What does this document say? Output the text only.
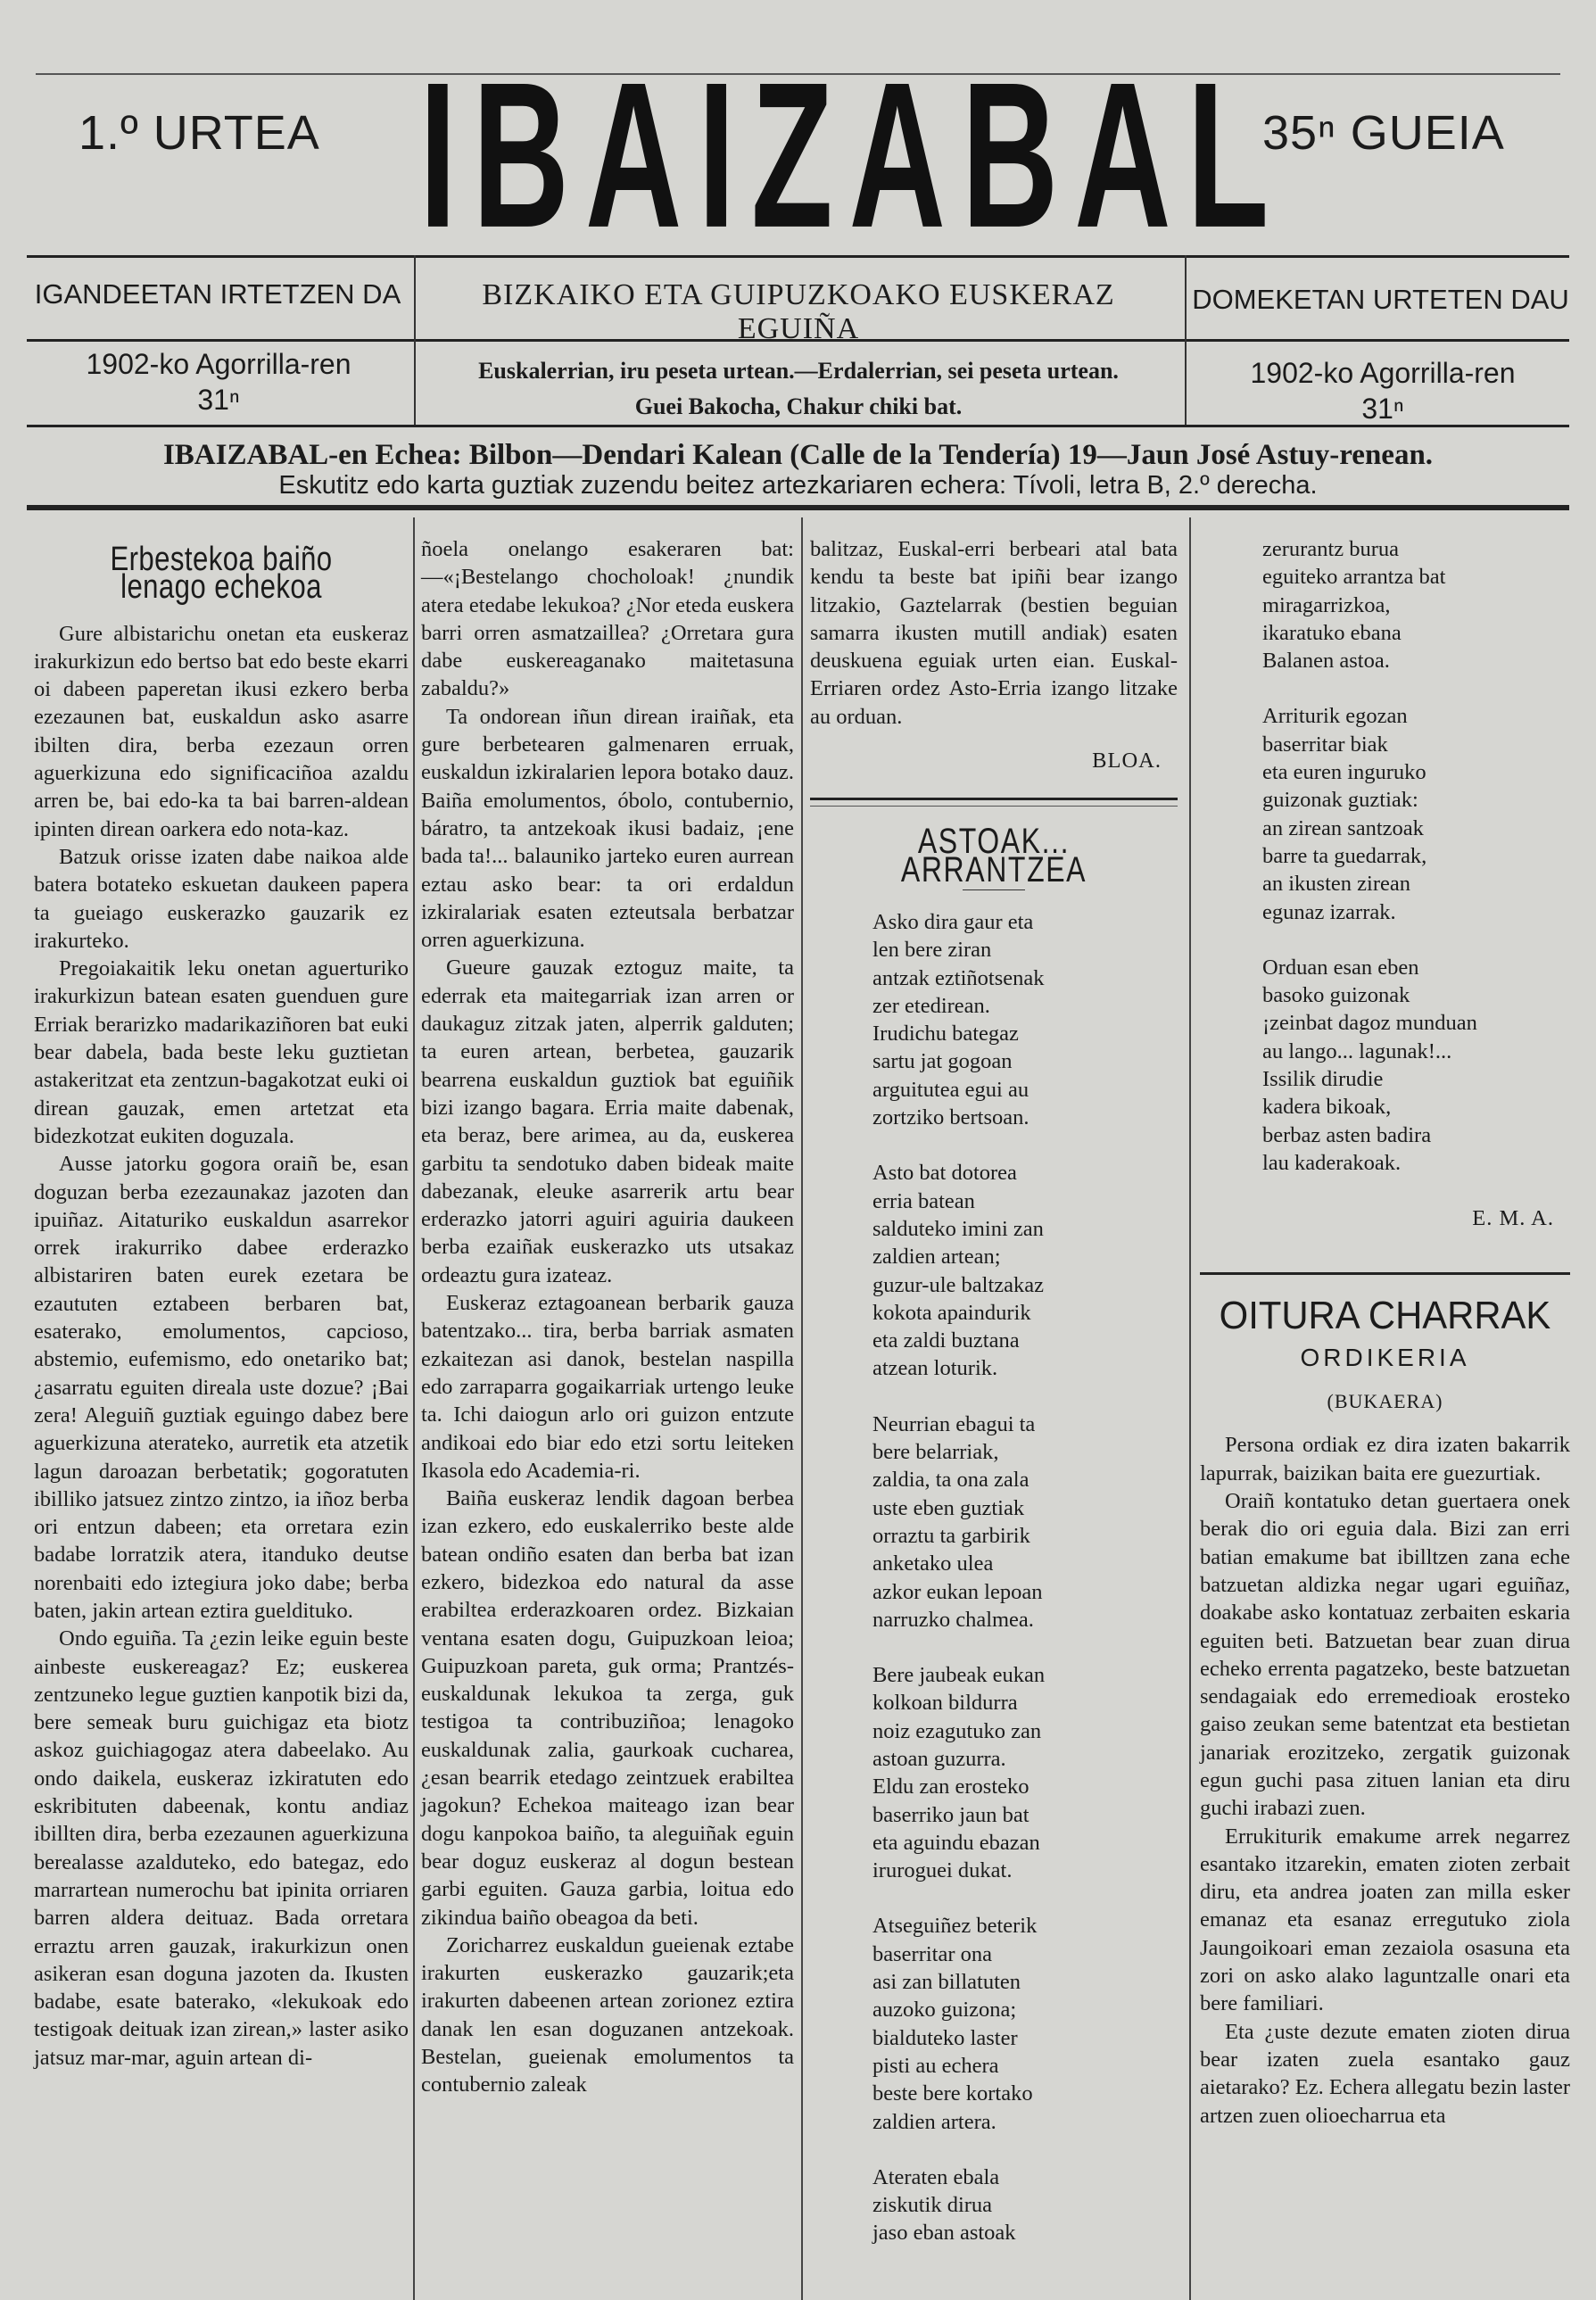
1.º URTEA IBAIZABAL
35ⁿ GUEIA
IGANDEETAN IRTETZEN DA	BIZKAIKO ETA GUIPUZKOAKO EUSKERAZ EGUIÑA
DOMEKETAN URTETEN DAU
1902-ko Agorrilla-ren
31ⁿ
Euskalerrian, iru peseta urtean.—Erdalerrian, sei peseta urtean.
Guei Bakocha, Chakur chiki bat.
1902-ko Agorrilla-ren
31ⁿ
IBAIZABAL-en Echea: Bilbon—Dendari Kalean (Calle de la Tendería) 19—Jaun José Astuy-renean.
Eskutitz edo karta guztiak zuzendu beitez artezkariaren echera: Tívoli, letra B, 2.º derecha.
Erbestekoa baiño lenago echekoa

Gure albistarichu onetan eta euskeraz irakurkizun edo bertso bat edo beste ekarri oi dabeen paperetan ikusi ezkero berba ezezaunen bat, euskaldun asko asarre ibilten dira, berba ezezaun orren aguerkizuna edo significaciñoa azaldu arren be, bai edo-ka ta bai barren-aldean ipinten direan oarkera edo nota-kaz.

Batzuk orisse izaten dabe naikoa alde batera botateko eskuetan daukeen papera ta gueiago euskerazko gauzarik ez irakurteko.

Pregoiakaitik leku onetan aguerturiko irakurkizun batean esaten guenduen gure Erriak berarizko madarikaziñoren bat euki bear dabela, bada beste leku guztietan astakeritzat eta zentzun-bagakotzat euki oi direan gauzak, emen artetzat eta bidezkotzat eukiten doguzala.

Ausse jatorku gogora oraiñ be, esan doguzan berba ezezaunakaz jazoten dan ipuiñaz. Aitaturiko euskaldun asarrekor orrek irakurriko dabee erderazko albistariren baten eurek ezetara be ezaututen eztabeen berbaren bat, esaterako, emolumentos, capcioso, abstemio, eufemismo, edo onetariko bat; ¿asarratu eguiten direala uste dozue? ¡Bai zera! Aleguiñ guztiak eguingo dabez bere aguerkizuna aterateko, aurretik eta atzetik lagun daroazan berbetatik; gogoratuten ibilliko jatsuez zintzo zintzo, ia iñoz berba ori entzun dabeen; eta orretara ezin badabe lorratzik atera, itanduko deutse norenbaiti edo iztegiura joko dabe; berba baten, jakin artean eztira guelditukо.

Ondo eguiña. Ta ¿ezin leike eguin beste ainbeste euskereagaz? Ez; euskerea zentzuneko legue guztien kanpotik bizi da, bere semeak buru guichigaz eta biotz askoz guichiagogaz atera dabeelako. Au ondo daikela, euskeraz izkiratuten edo eskribituten dabeenak, kontu andiaz ibillten dira, berba ezezaunen aguerkizuna berealasse azalduteko, edo bategaz, edo marrartean numerochu bat ipinita orriaren barren aldera deituaz. Bada orretara erraztu arren gauzak, irakurkizun onen asikeran esan doguna jazoten da. Ikusten badabe, esate baterako, «lekukoak edo testigoak deituak izan zirean,» laster asiko jatsuz mar-mar, aguin artean di-

ñoela onelango esakeraren bat:—«¡Bestelango chocholoak! ¿nundik atera etedabe lekukoa? ¿Nor eteda euskera barri orren asmatzaillea? ¿Orretara gura dabe euskereaganako maitetasuna zabaldu?»

Ta ondorean iñun direan iraiñak, eta gure berbetearen galmenaren erruak, euskaldun izkiralarien lepora botako dauz. Baiña emolumentos, óbolo, contubernio, báratro, ta antzekoak ikusi badaiz, ¡ene bada ta!... balauniko jarteko euren aurrean eztau asko bear: ta ori erdaldun izkiralariak esaten ezteutsala berbatzar orren aguerkizuna.

Gueure gauzak eztoguz maite, ta ederrak eta maitegarriak izan arren or daukaguz zitzak jaten, alperrik galduten; ta euren artean, berbetea, gauzarik bearrena euskaldun guztiok bat eguiñik bizi izango bagara. Erria maite dabenak, eta beraz, bere arimea, au da, euskerea garbitu ta sendotuko daben bideak maite dabezanak, eleuke asarrerik artu bear erderazko jatorri aguiri aguiria daukeen berba ezaiñak euskerazko uts utsakaz ordeaztu gura izateaz.

Euskeraz eztagoanean berbarik gauza batentzako... tira, berba barriak asmaten ezkaitezan asi danok, bestelan naspilla edo zarraparra gogaikarriak urtengo leuke ta. Ichi daiogun arlo ori guizon entzute andikoai edo biar edo etzi sortu leiteken Ikasola edo Academia-ri.

Baiña euskeraz lendik dagoan berbea izan ezkero, edo euskalerriko beste alde batean ondiño esaten dan berba bat izan ezkero, bidezkoa edo natural da asse erabiltea erderazkoaren ordez. Bizkaian ventana esaten dogu, Guipuzkoan leioa; Guipuzkoan pareta, guk orma; Prantzés-euskaldunak lekukoa ta zerga, guk testigoa ta contribuziñoa; lenagoko euskaldunak zalia, gaurkoak cucharea, ¿esan bearrik etedago zeintzuek erabiltea jagokun? Echekoa maiteago izan bear dogu kanpokoa baiño, ta aleguiñak eguin bear doguz euskeraz al dogun bestean garbi eguiten. Gauza garbia, loitua edo zikindua baiño obeagoa da beti.

Zoricharrez euskaldun gueienak eztabe irakurten euskerazko gauzarik;eta irakurten dabeenen artean zorionez eztira danak len esan doguzanen antzekoak. Bestelan, gueienak emolumentos ta contubernio zaleak

balitzaz, Euskal-erri berbeari atal bata kendu ta beste bat ipiñi bear izango litzakio, Gaztelarrak (bestien beguian samarra ikusten mutill andiak) esaten deuskuena eguiak urten eian. Euskal-Erriaren ordez Asto-Erria izango litzake au orduan.

BLOA.
ASTOAK... ARRANTZEA
Asko dira gaur eta
len bere ziran
antzak eztiñotsenak
zer etedirean.
Irudichu bategaz
sartu jat gogoan
arguitutea egui au
zortziko bertsoan.
Asto bat dotorea
erria batean
salduteko imini zan
zaldien artean;
guzur-ule baltzakaz
kokota apaindurik
eta zaldi buztana
atzean loturik.
Neurrian ebagui ta
bere belarriak,
zaldia, ta ona zala
uste eben guztiak
orraztu ta garbirik
anketako ulea
azkor eukan lepoan
narruzko chalmea.
Bere jaubeak eukan
kolkoan bildurra
noiz ezagutuko zan
astoan guzurra.
Eldu zan erosteko
baserriko jaun bat
eta aguindu ebazan
iruroguei dukat.
Atseguiñez beterik
baserritar ona
asi zan billatuten
auzoko guizona;
bialduteko laster
pisti au echera
beste bere kortako
zaldien artera.
Ateraten ebala
ziskutik dirua
jaso eban astoak
zerurantz burua
eguiteko arrantza bat
miragarrizkoa,
ikaratuko ebana
Balanen astoa.
Arriturik egozan
baserritar biak
eta euren inguruko
guizonak guztiak:
an zirean santzoak
barre ta guedarrak,
an ikusten zirean
egunaz izarrak.
Orduan esan eben
basoko guizonak
¡zeinbat dagoz munduan
au lango... lagunak!...
Issilik dirudie
kadera bikoak,
berbaz asten badira
lau kaderakoak.
E. M. A.
OITURA CHARRAK
ORDIKERIA
(BUKAERA)

Persona ordiak ez dira izaten bakarrik lapurrak, baizikan baita ere guezurtiak.

Oraiñ kontatuko detan guertaera onek berak dio ori eguia dala. Bizi zan erri batian emakume bat ibilltzen zana eche batzuetan aldizka negar ugari eguiñaz, doakabe asko kontatuaz zerbaiten eskaria eguiten beti. Batzuetan bear zuan dirua echeko errenta pagatzeko, beste batzuetan sendagaiak edo erremedioak erosteko gaiso zeukan seme batentzat eta bestietan janariak erozitzeko, zergatik guizonak egun guchi pasa zituen lanian eta diru guchi irabazi zuen.

Errukiturik emakume arrek negarrez esantako itzarekin, ematen zioten zerbait diru, eta andrea joaten zan milla esker emanaz eta esanaz erregutuko ziola Jaungoikoari eman zezaiola osasuna eta zori on asko alako laguntzalle onari eta bere familiari.

Eta ¿uste dezute ematen zioten dirua bear izaten zuela esantako gauz aietarako? Ez. Echera allegatu bezin laster artzen zuen olioecharrua eta
